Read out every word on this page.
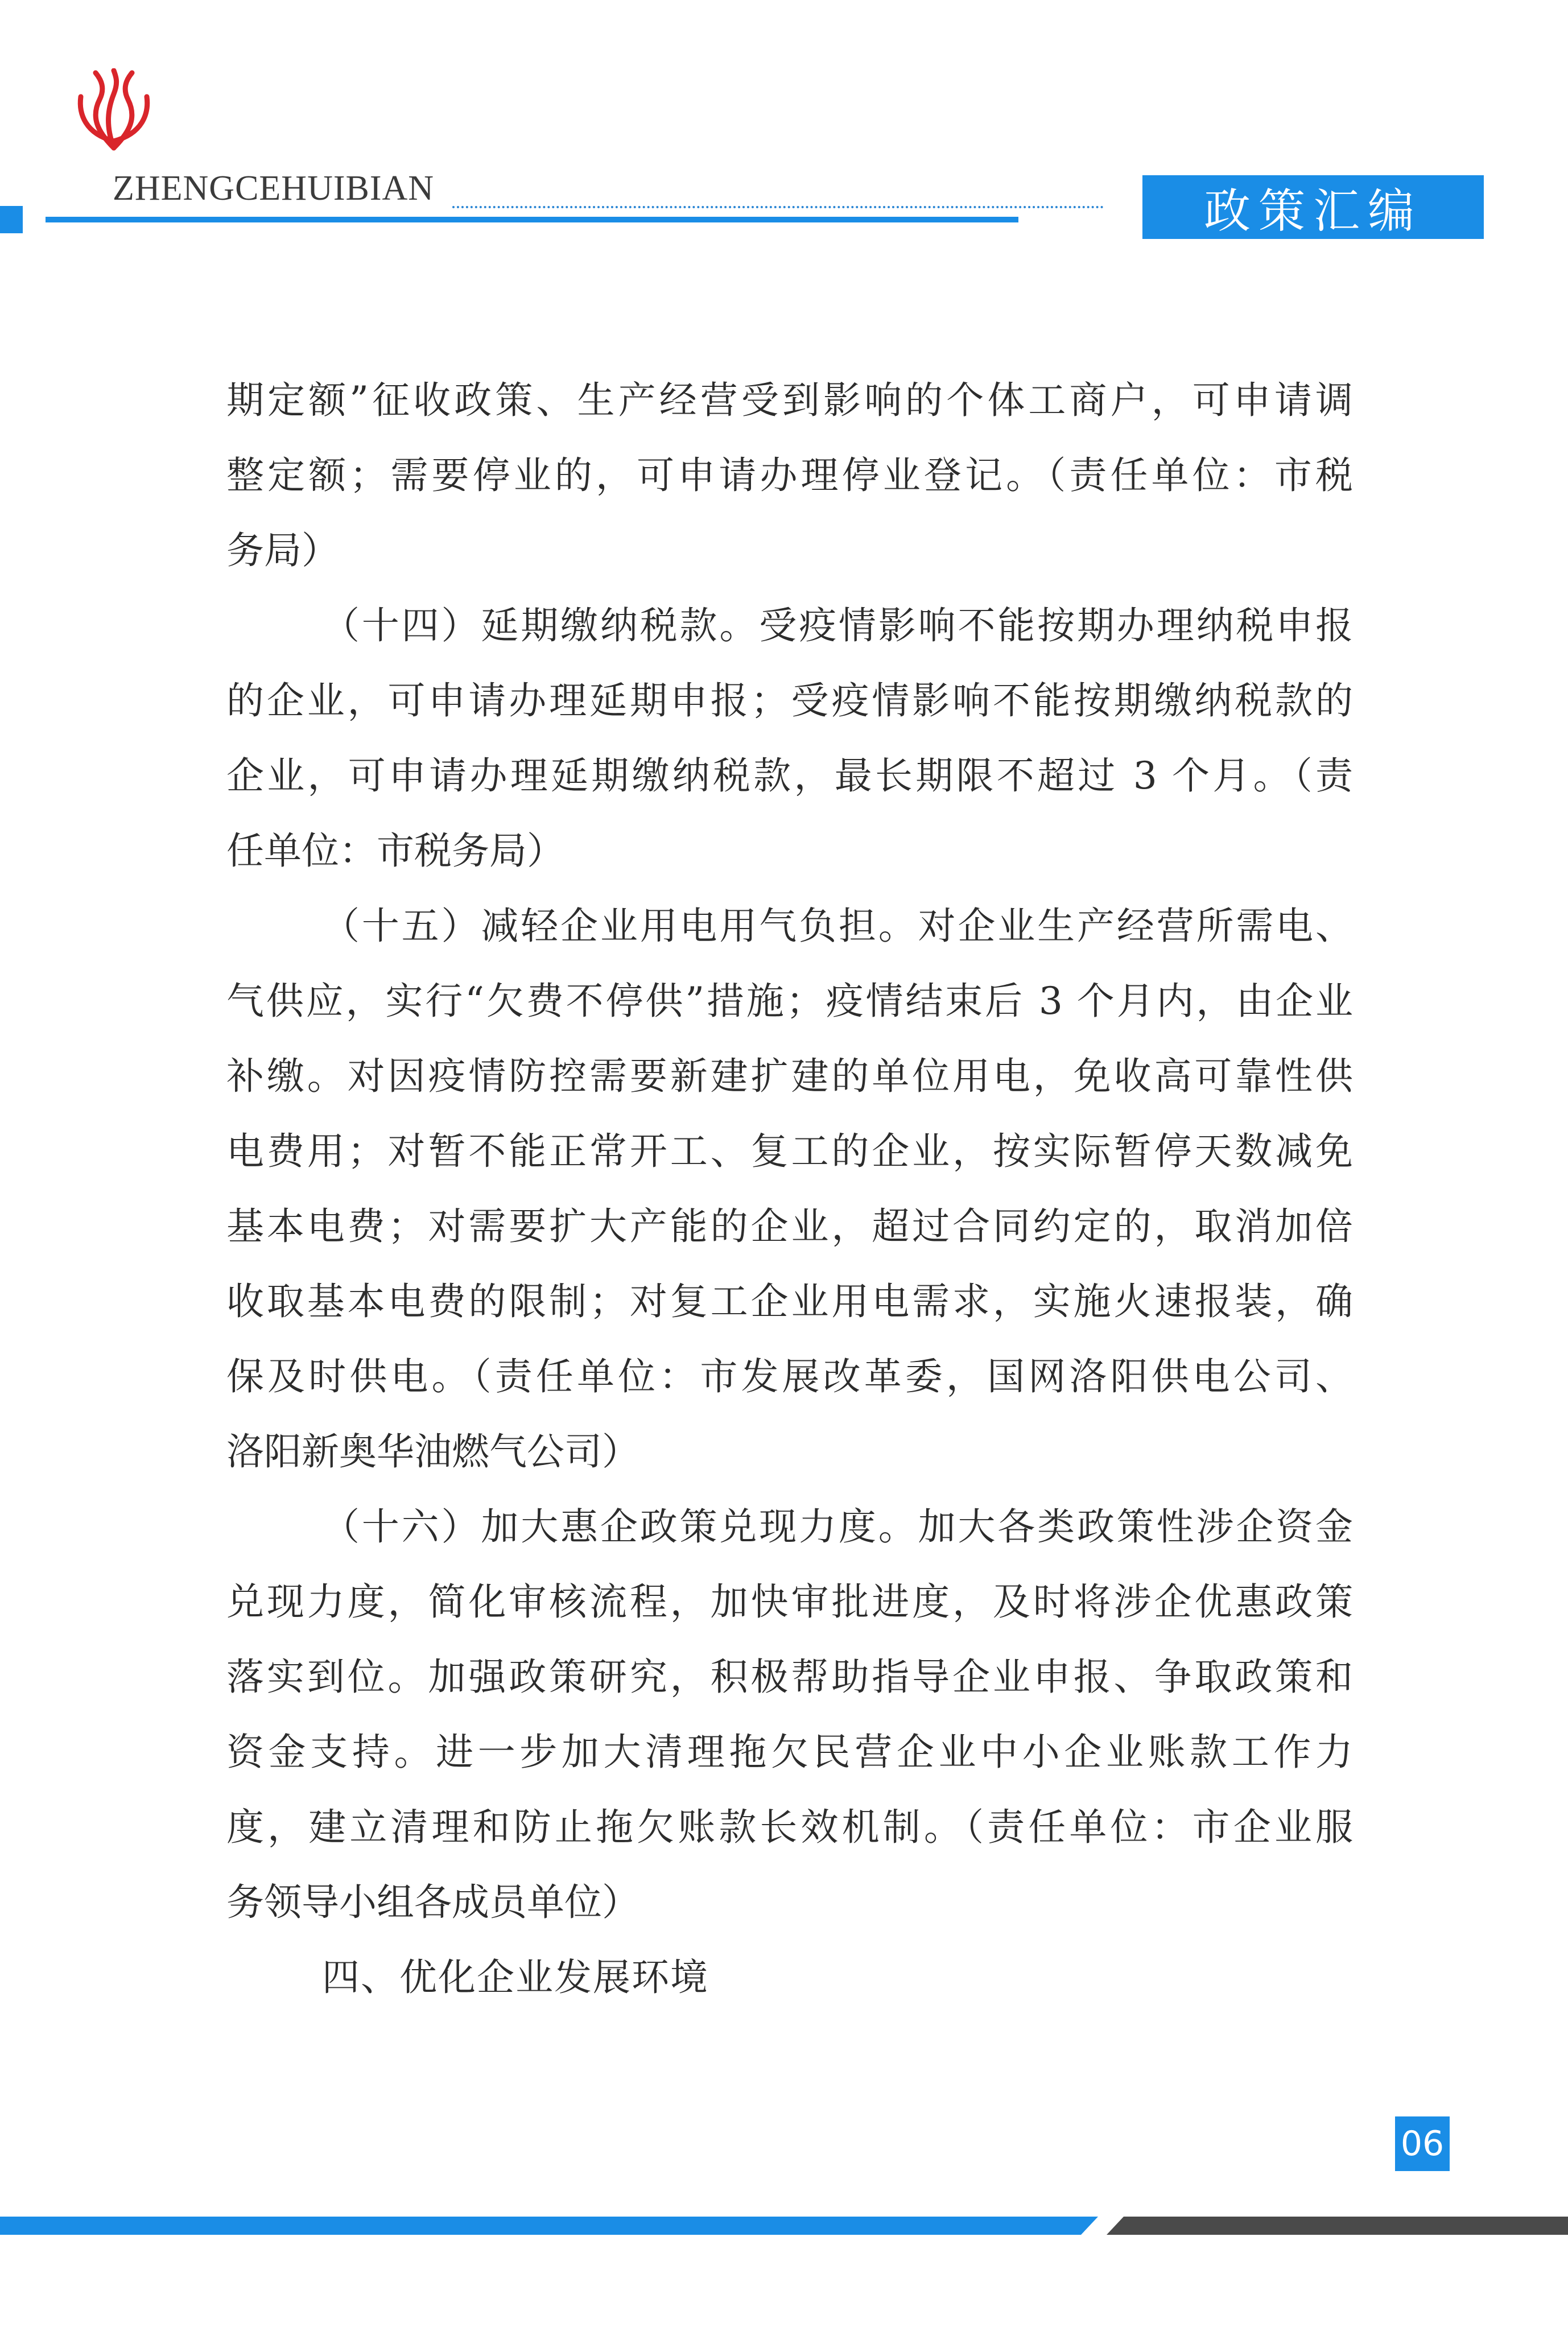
ZHENGCEHUIBIAN	政策汇编
期定额”征收政策、生产经营受到影响的个体工商户，可申请调
整定额；需要停业的，可申请办理停业登记。（责任单位：市税
务局）
（十四）延期缴纳税款。受疫情影响不能按期办理纳税申报
的企业，可申请办理延期申报；受疫情影响不能按期缴纳税款的
企业，可申请办理延期缴纳税款，最长期限不超过 3 个月。（责
任单位：市税务局）
（十五）减轻企业用电用气负担。对企业生产经营所需电、
气供应，实行“欠费不停供”措施；疫情结束后 3 个月内，由企业
补缴。对因疫情防控需要新建扩建的单位用电，免收高可靠性供
电费用；对暂不能正常开工、复工的企业，按实际暂停天数减免
基本电费；对需要扩大产能的企业，超过合同约定的，取消加倍
收取基本电费的限制；对复工企业用电需求，实施火速报装，确
保及时供电。（责任单位：市发展改革委，国网洛阳供电公司、
洛阳新奥华油燃气公司）
（十六）加大惠企政策兑现力度。加大各类政策性涉企资金
兑现力度，简化审核流程，加快审批进度，及时将涉企优惠政策
落实到位。加强政策研究，积极帮助指导企业申报、争取政策和
资金支持。进一步加大清理拖欠民营企业中小企业账款工作力
度，建立清理和防止拖欠账款长效机制。（责任单位：市企业服
务领导小组各成员单位）
四、优化企业发展环境
06
